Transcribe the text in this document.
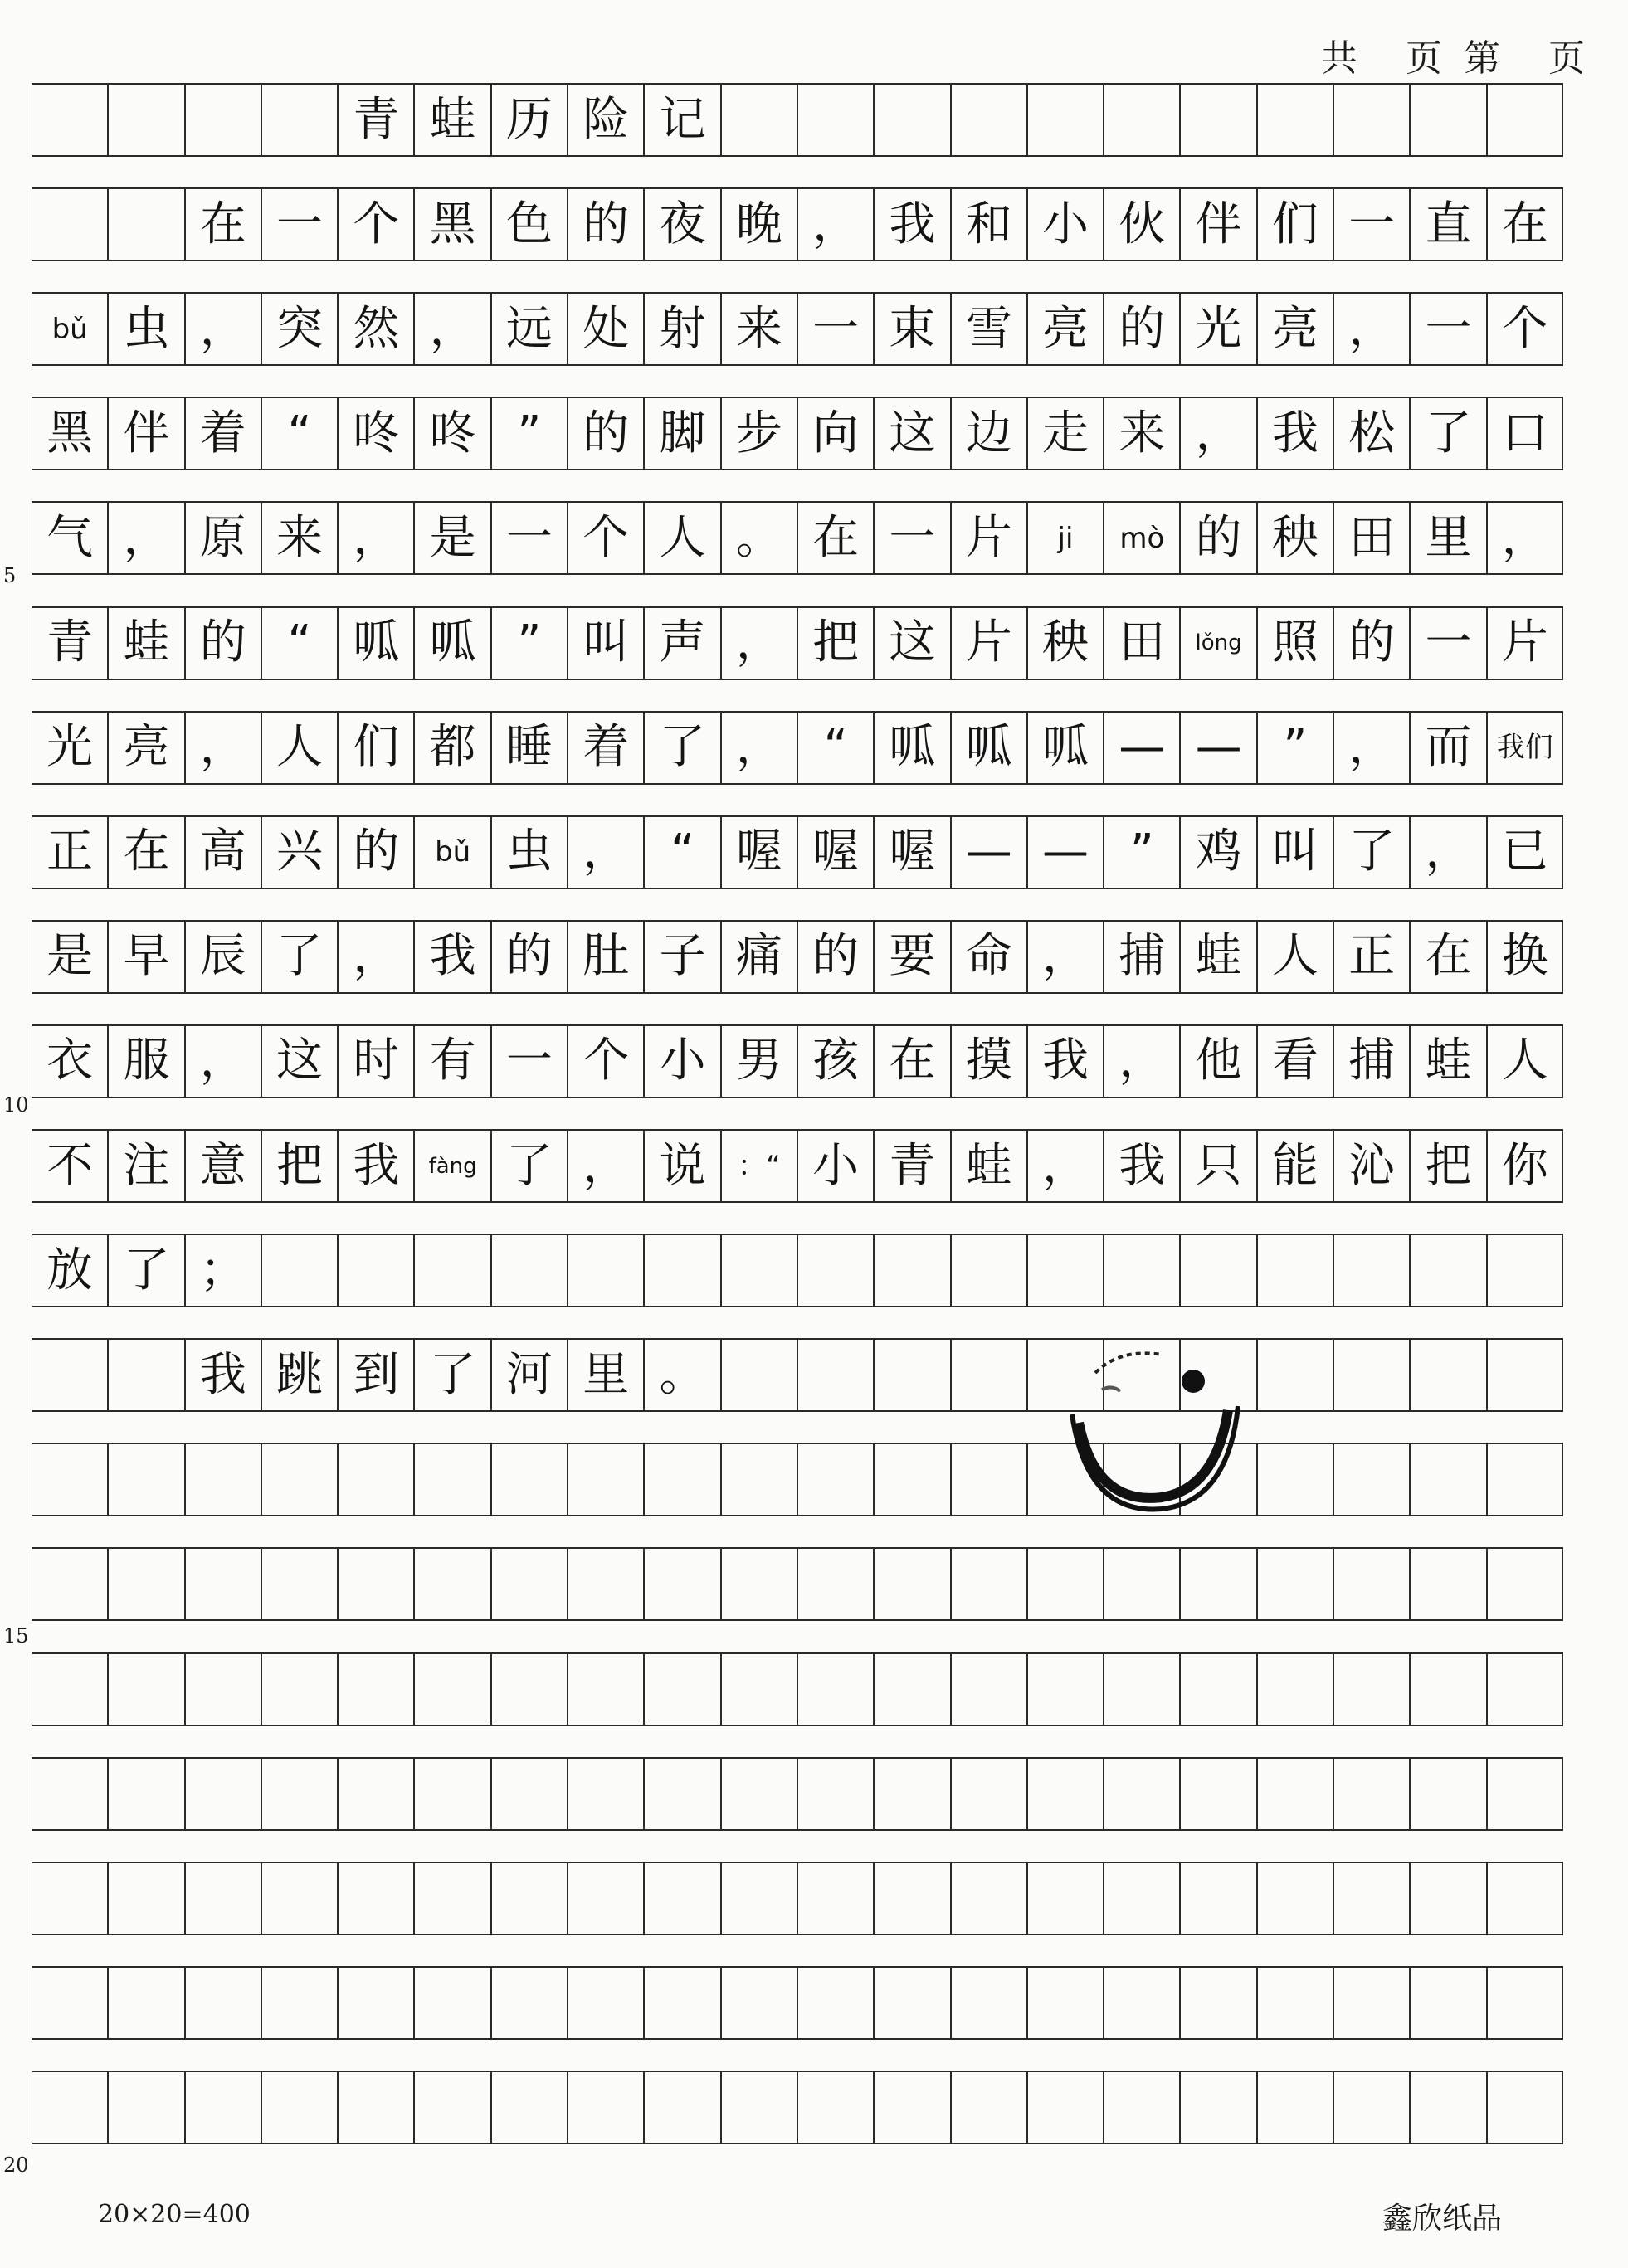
共 页 第 页
青 蛙 历 险 记
在 一 个 黑 色 的 夜 晚 ， 我 和 小 伙 伴 们 一 直 在
bǔ 虫 ， 突 然 ， 远 处 射 来 一 束 雪 亮 的 光 亮 ， 一 个
黑 伴 着 “ 咚 咚 ” 的 脚 步 向 这 边 走 来 ， 我 松 了 口
气 ， 原 来 ， 是 一 个 人 。 在 一 片	ji	mò 的 秧 田 里 ，
青 蛙 的 “ 呱 呱 ” 叫 声 ， 把 这 片 秧 田	lǒng 照 的 一 片
光 亮 ， 人 们 都 睡 着 了 ， “ 呱 呱 呱 — — ” ， 而 我们
正 在 高 兴 的	bǔ 虫 ， “ 喔 喔 喔 — — ” 鸡 叫 了 ， 已
是 早 辰 了 ， 我 的 肚 子 痛 的 要 命 ， 捕 蛙 人 正 在 换
衣 服 ， 这 时 有 一 个 小 男 孩 在 摸 我 ， 他 看 捕 蛙 人
不 注 意 把 我	fàng 了 ， 说	：“ 小 青 蛙 ， 我 只 能 沁 把 你
放 了 ；
我 跳 到 了 河 里 。
5
10
15
20
20×20=400	鑫欣纸品
